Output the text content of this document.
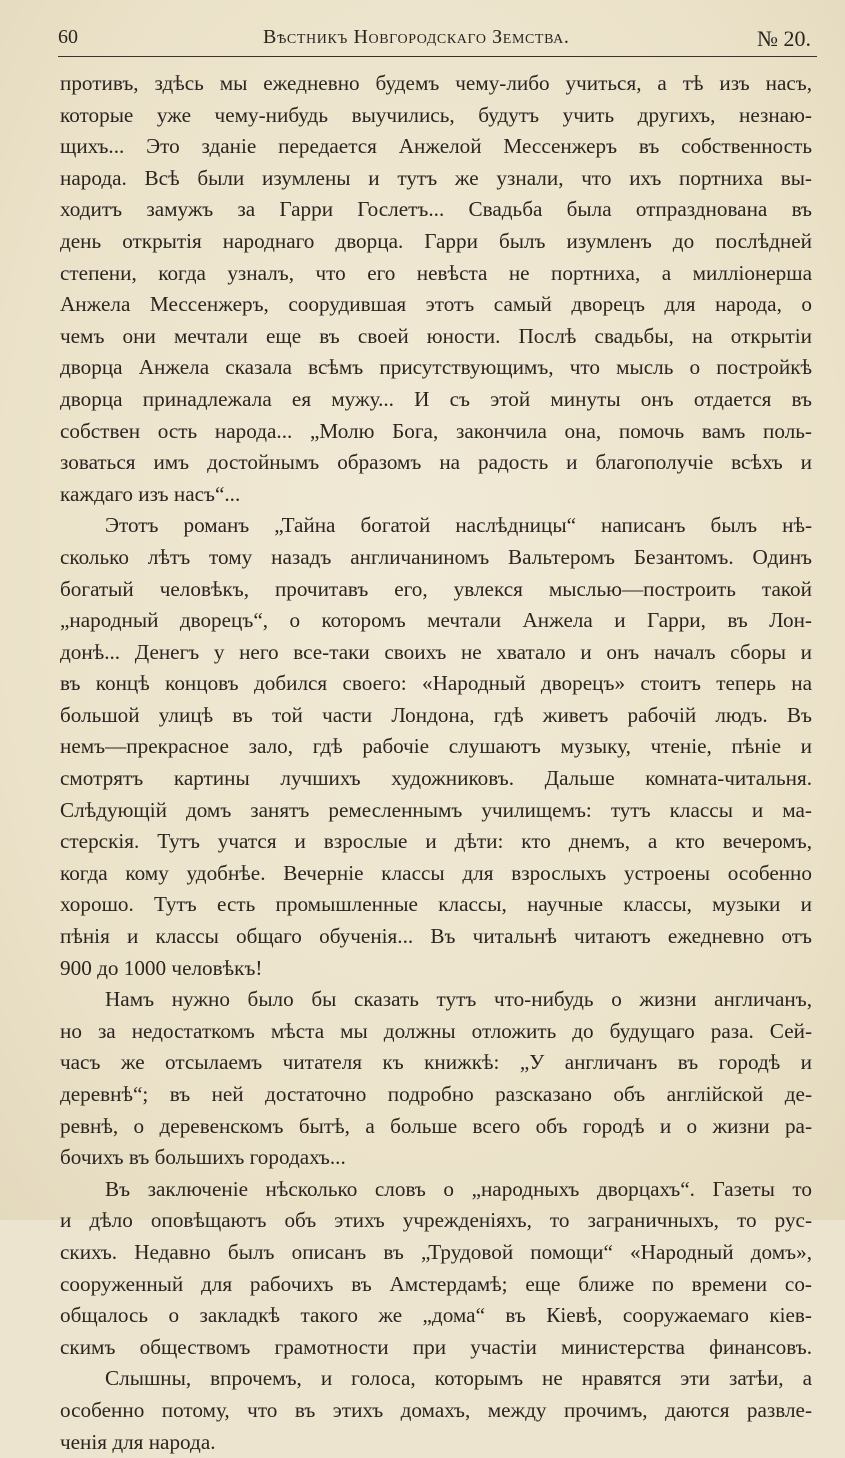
60	Вѣстникъ Новгородскаго Земства.	№ 20.
противъ, здѣсь мы ежедневно будемъ чему-либо учиться, а тѣ изъ насъ,
которые уже чему-нибудь выучились, будутъ учить другихъ, незнаю-
щихъ... Это зданіе передается Анжелой Мессенжеръ въ собственность
народа. Всѣ были изумлены и тутъ же узнали, что ихъ портниха вы-
ходитъ замужъ за Гарри Гослетъ... Свадьба была отпразднована въ
день открытія народнаго дворца. Гарри былъ изумленъ до послѣдней
степени, когда узналъ, что его невѣста не портниха, а милліонерша
Анжела Мессенжеръ, соорудившая этотъ самый дворецъ для народа, о
чемъ они мечтали еще въ своей юности. Послѣ свадьбы, на открытіи
дворца Анжела сказала всѣмъ присутствующимъ, что мысль о постройкѣ
дворца принадлежала ея мужу... И съ этой минуты онъ отдается въ
собствен ость народа... „Молю Бога, закончила она, помочь вамъ поль-
зоваться имъ достойнымъ образомъ на радость и благополучіе всѣхъ и
каждаго изъ насъ“...
Этотъ романъ „Тайна богатой наслѣдницы“ написанъ былъ нѣ-
сколько лѣтъ тому назадъ англичаниномъ Вальтеромъ Безантомъ. Одинъ
богатый человѣкъ, прочитавъ его, увлекся мыслью—построить такой
„народный дворецъ“, о которомъ мечтали Анжела и Гарри, въ Лон-
донѣ... Денегъ у него все-таки своихъ не хватало и онъ началъ сборы и
въ концѣ концовъ добился своего: «Народный дворецъ» стоитъ теперь на
большой улицѣ въ той части Лондона, гдѣ живетъ рабочій людъ. Въ
немъ—прекрасное зало, гдѣ рабочіе слушаютъ музыку, чтеніе, пѣніе и
смотрятъ картины лучшихъ художниковъ. Дальше комната-читальня.
Слѣдующій домъ занятъ ремесленнымъ училищемъ: тутъ классы и ма-
стерскія. Тутъ учатся и взрослые и дѣти: кто днемъ, а кто вечеромъ,
когда кому удобнѣе. Вечерніе классы для взрослыхъ устроены особенно
хорошо. Тутъ есть промышленные классы, научные классы, музыки и
пѣнія и классы общаго обученія... Въ читальнѣ читаютъ ежедневно отъ
900 до 1000 человѣкъ!
Намъ нужно было бы сказать тутъ что-нибудь о жизни англичанъ,
но за недостаткомъ мѣста мы должны отложить до будущаго раза. Сей-
часъ же отсылаемъ читателя къ книжкѣ: „У англичанъ въ городѣ и
деревнѣ“; въ ней достаточно подробно разсказано объ англійской де-
ревнѣ, о деревенскомъ бытѣ, а больше всего объ городѣ и о жизни ра-
бочихъ въ большихъ городахъ...
Въ заключеніе нѣсколько словъ о „народныхъ дворцахъ“. Газеты то
и дѣло оповѣщаютъ объ этихъ учрежденіяхъ, то заграничныхъ, то рус-
скихъ. Недавно былъ описанъ въ „Трудовой помощи“ «Народный домъ»,
сооруженный для рабочихъ въ Амстердамѣ; еще ближе по времени со-
общалось о закладкѣ такого же „дома“ въ Кіевѣ, сооружаемаго кіев-
скимъ обществомъ грамотности при участіи министерства финансовъ.
Слышны, впрочемъ, и голоса, которымъ не нравятся эти затѣи, а
особенно потому, что въ этихъ домахъ, между прочимъ, даются развле-
ченія для народа.
